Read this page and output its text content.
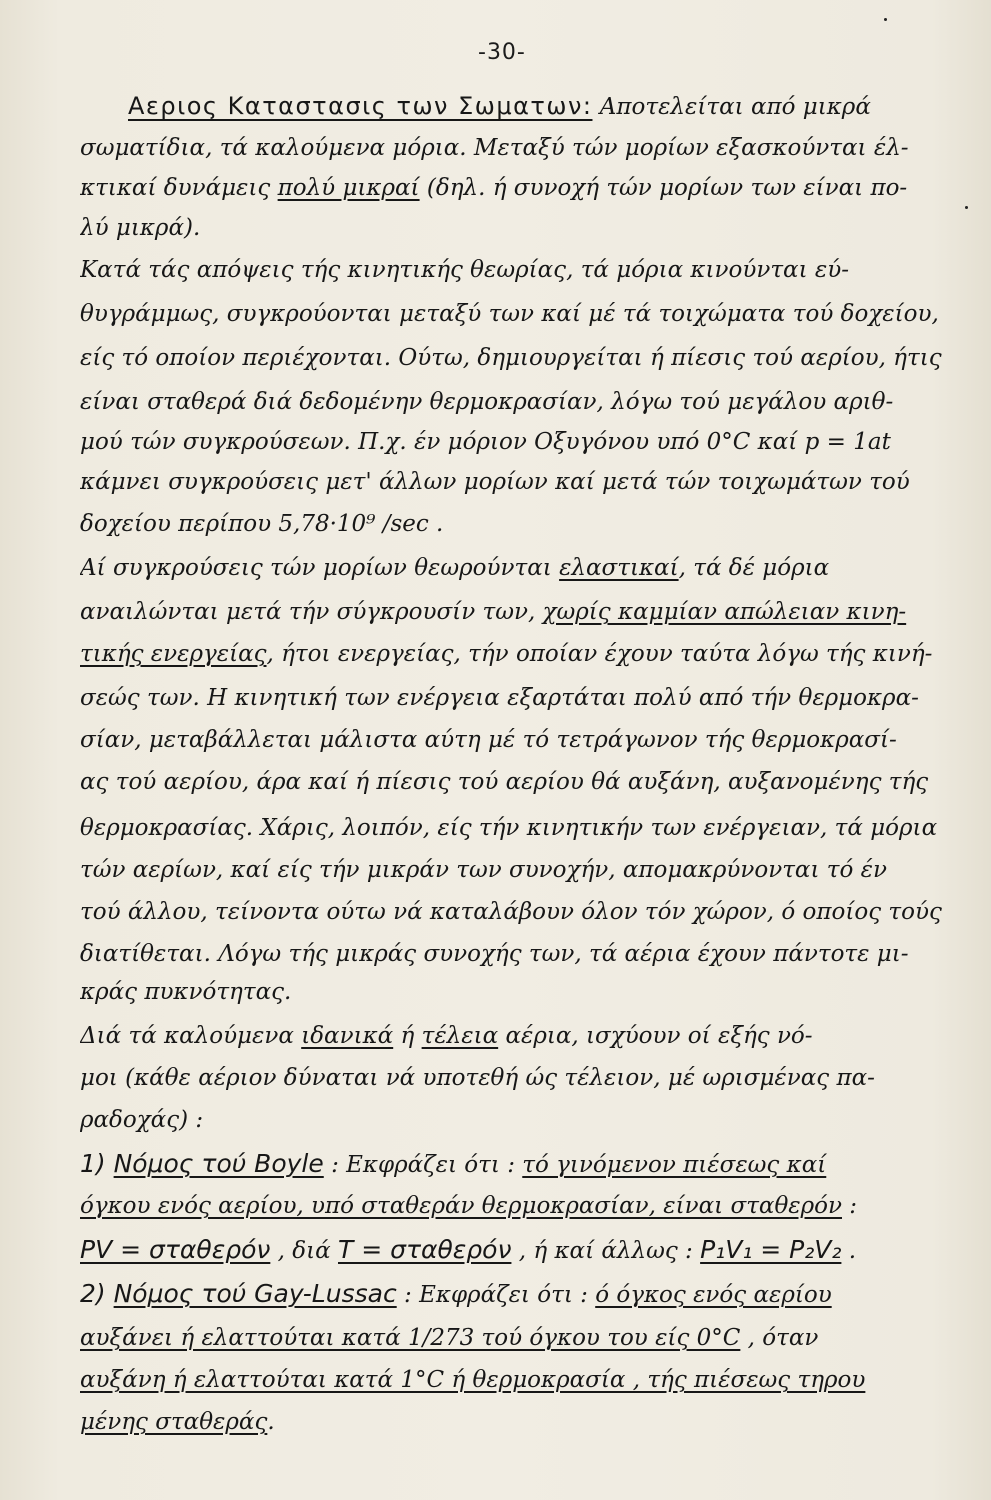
-30-
Αεριος Καταστασις των Σωματων: Αποτελείται από μικρά
σωματίδια, τά καλούμενα μόρια. Μεταξύ τών μορίων εξασκούνται έλ-
κτικαί δυνάμεις πολύ μικραί (δηλ. ή συνοχή τών μορίων των είναι πο-
λύ μικρά).
Κατά τάς απόψεις τής κινητικής θεωρίας, τά μόρια κινούνται εύ-
θυγράμμως, συγκρούονται μεταξύ των καί μέ τά τοιχώματα τού δοχείου,
είς τό οποίον περιέχονται. Ούτω, δημιουργείται ή πίεσις τού αερίου, ήτις
είναι σταθερά διά δεδομένην θερμοκρασίαν, λόγω τού μεγάλου αριθ-
μού τών συγκρούσεων. Π.χ. έν μόριον Οξυγόνου υπό 0°C καί p = 1at
κάμνει συγκρούσεις μετ' άλλων μορίων καί μετά τών τοιχωμάτων τού
δοχείου περίπου 5,78·10⁹ /sec .
Αί συγκρούσεις τών μορίων θεωρούνται ελαστικαί, τά δέ μόρια
αναιλώνται μετά τήν σύγκρουσίν των, χωρίς καμμίαν απώλειαν κινη-
τικής ενεργείας, ήτοι ενεργείας, τήν οποίαν έχουν ταύτα λόγω τής κινή-
σεώς των. Η κινητική των ενέργεια εξαρτάται πολύ από τήν θερμοκρα-
σίαν, μεταβάλλεται μάλιστα αύτη μέ τό τετράγωνον τής θερμοκρασί-
ας τού αερίου, άρα καί ή πίεσις τού αερίου θά αυξάνη, αυξανομένης τής
θερμοκρασίας. Χάρις, λοιπόν, είς τήν κινητικήν των ενέργειαν, τά μόρια
τών αερίων, καί είς τήν μικράν των συνοχήν, απομακρύνονται τό έν
τού άλλου, τείνοντα ούτω νά καταλάβουν όλον τόν χώρον, ό οποίος τούς
διατίθεται. Λόγω τής μικράς συνοχής των, τά αέρια έχουν πάντοτε μι-
κράς πυκνότητας.
Διά τά καλούμενα ιδανικά ή τέλεια αέρια, ισχύουν οί εξής νό-
μοι (κάθε αέριον δύναται νά υποτεθή ώς τέλειον, μέ ωρισμένας πα-
ραδοχάς) :
1) Νόμος τού Boyle : Εκφράζει ότι : τό γινόμενον πιέσεως καί
όγκου ενός αερίου, υπό σταθεράν θερμοκρασίαν, είναι σταθερόν :
PV = σταθερόν , διά T = σταθερόν , ή καί άλλως : P₁V₁ = P₂V₂ .
2) Νόμος τού Gay-Lussac : Εκφράζει ότι : ό όγκος ενός αερίου
αυξάνει ή ελαττούται κατά 1/273 τού όγκου του είς 0°C , όταν
αυξάνη ή ελαττούται κατά 1°C ή θερμοκρασία , τής πιέσεως τηρου
μένης σταθεράς.
